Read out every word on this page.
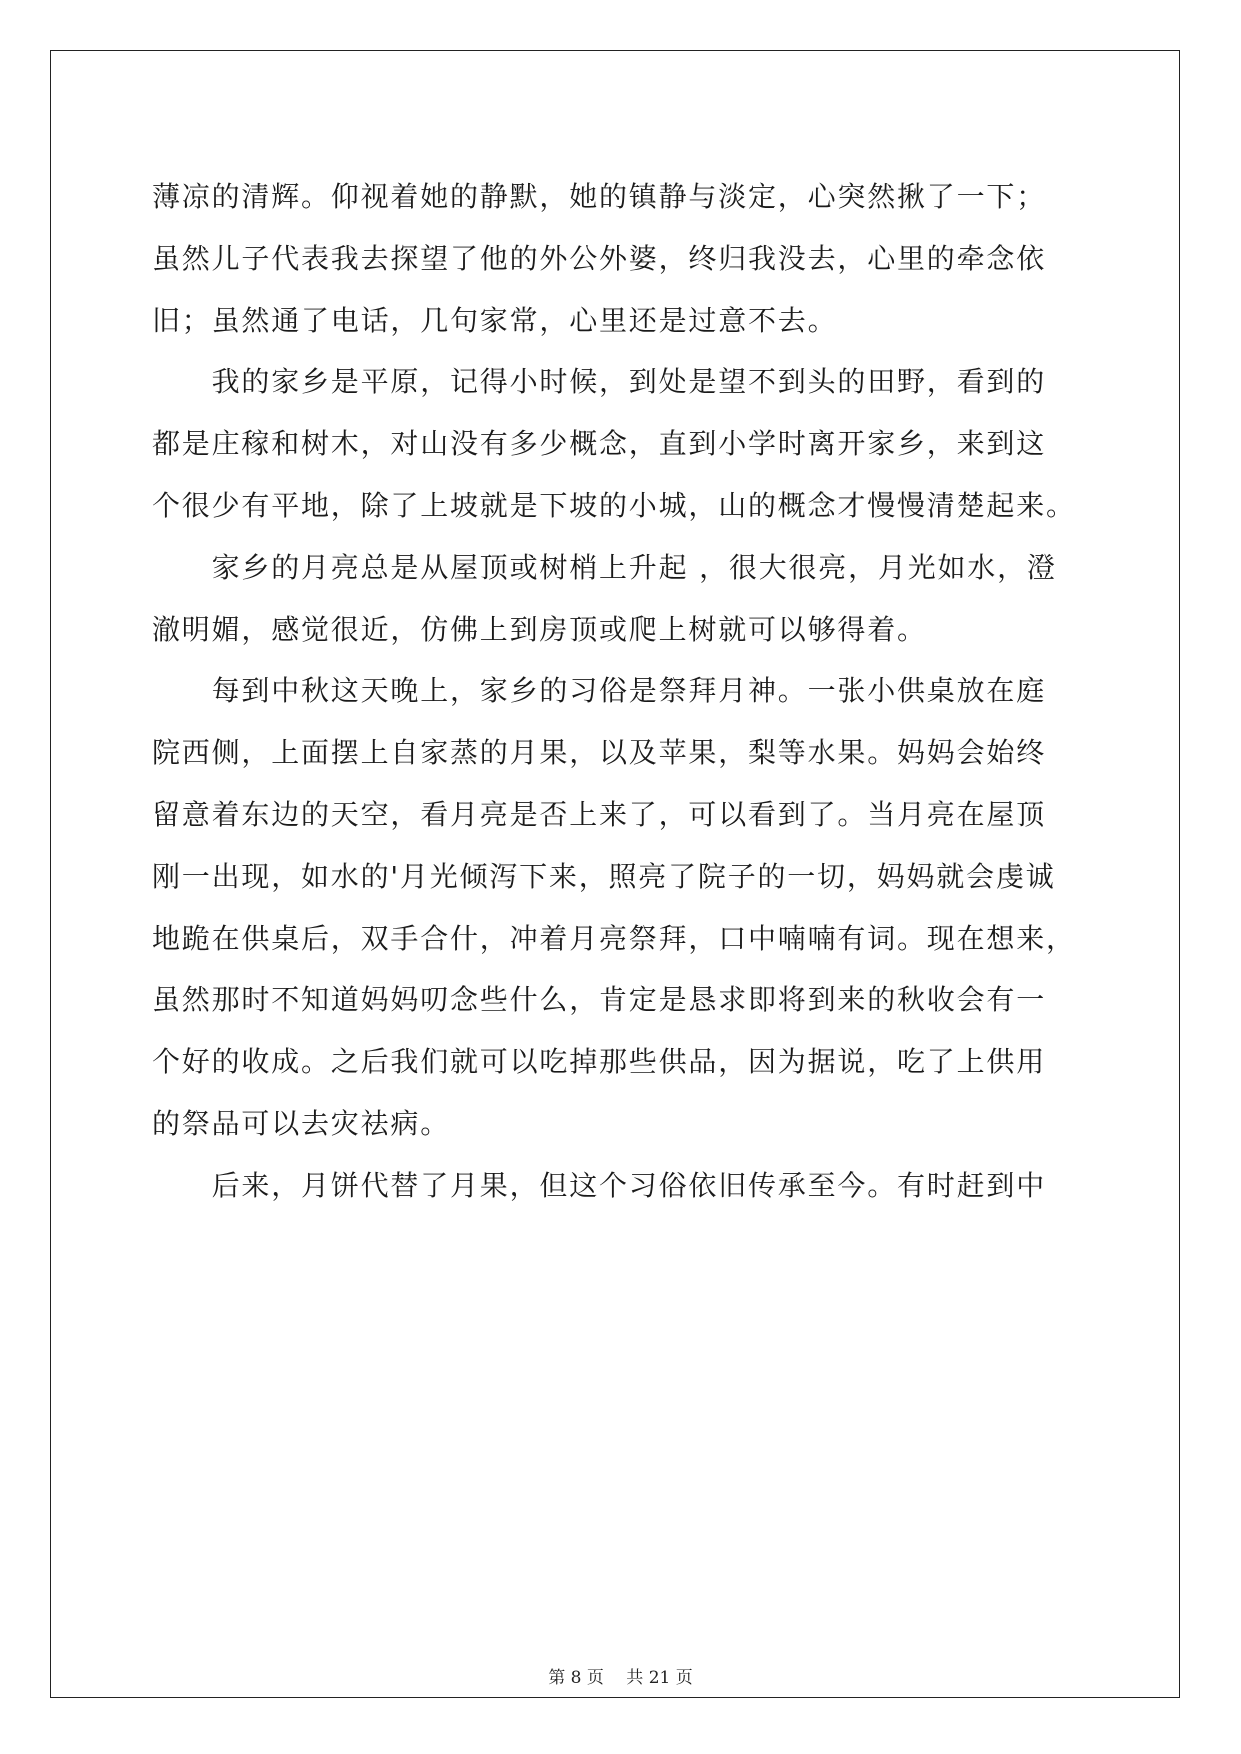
薄凉的清辉。仰视着她的静默，她的镇静与淡定，心突然揪了一下；

虽然儿子代表我去探望了他的外公外婆，终归我没去，心里的牵念依

旧；虽然通了电话，几句家常，心里还是过意不去。

　　我的家乡是平原，记得小时候，到处是望不到头的田野，看到的

都是庄稼和树木，对山没有多少概念，直到小学时离开家乡，来到这

个很少有平地，除了上坡就是下坡的小城，山的概念才慢慢清楚起来。

　　家乡的月亮总是从屋顶或树梢上升起 ，很大很亮，月光如水，澄

澈明媚，感觉很近，仿佛上到房顶或爬上树就可以够得着。

　　每到中秋这天晚上，家乡的习俗是祭拜月神。一张小供桌放在庭

院西侧，上面摆上自家蒸的月果，以及苹果，梨等水果。妈妈会始终

留意着东边的天空，看月亮是否上来了，可以看到了。当月亮在屋顶

刚一出现，如水的'月光倾泻下来，照亮了院子的一切，妈妈就会虔诚

地跪在供桌后，双手合什，冲着月亮祭拜，口中喃喃有词。现在想来，

虽然那时不知道妈妈叨念些什么，肯定是恳求即将到来的秋收会有一

个好的收成。之后我们就可以吃掉那些供品，因为据说，吃了上供用

的祭品可以去灾祛病。

　　后来，月饼代替了月果，但这个习俗依旧传承至今。有时赶到中

第 8 页　 共 21 页
